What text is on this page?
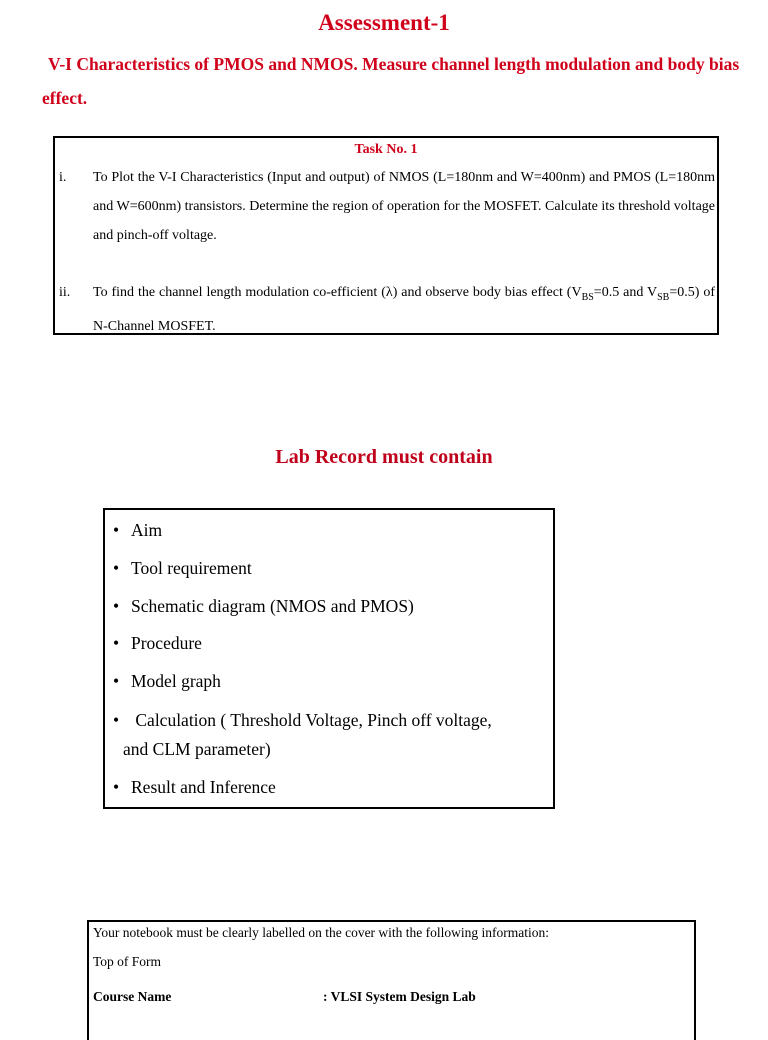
Assessment-1
V-I Characteristics of PMOS and NMOS. Measure channel length modulation and body bias effect.
Task No. 1
i. To Plot the V-I Characteristics (Input and output) of NMOS (L=180nm and W=400nm) and PMOS (L=180nm and W=600nm) transistors. Determine the region of operation for the MOSFET. Calculate its threshold voltage and pinch-off voltage.
ii. To find the channel length modulation co-efficient (λ) and observe body bias effect ($V_{BS}=0.5$ and $V_{SB}=0.5$) of N-Channel MOSFET.
Lab Record must contain
• Aim
• Tool requirement
• Schematic diagram (NMOS and PMOS)
• Procedure
• Model graph
• Calculation ( Threshold Voltage, Pinch off voltage,
and CLM parameter)
• Result and Inference
Your notebook must be clearly labelled on the cover with the following information:
Top of Form
Course Name	: VLSI System Design Lab
